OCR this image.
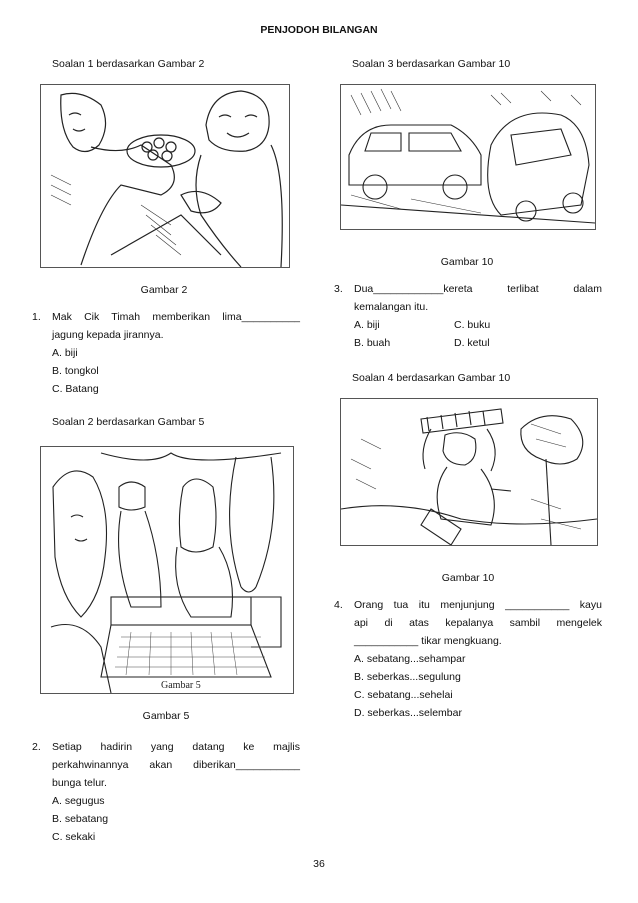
PENJODOH BILANGAN
Soalan 1 berdasarkan Gambar 2
Gambar 2
1. Mak Cik Timah memberikan lima__________
jagung kepada jirannya.
A. biji
B. tongkol
C. Batang
Soalan 2 berdasarkan Gambar 5
Gambar 5
Gambar 5
2. Setiap hadirin yang datang ke majlis
perkahwinannya akan diberikan___________
bunga telur.
A. segugus
B. sebatang
C. sekaki
Soalan 3 berdasarkan Gambar 10
Gambar 10
3. Dua____________kereta	terlibat	dalam
kemalangan itu.
A. biji	C. buku
B. buah	D. ketul
Soalan 4 berdasarkan Gambar 10
Gambar 10
4. Orang tua itu menjunjung ___________ kayu
api di atas kepalanya sambil mengelek
___________ tikar mengkuang.
A. sebatang...sehampar
B. seberkas...segulung
C. sebatang...sehelai
D. seberkas...selembar
36
